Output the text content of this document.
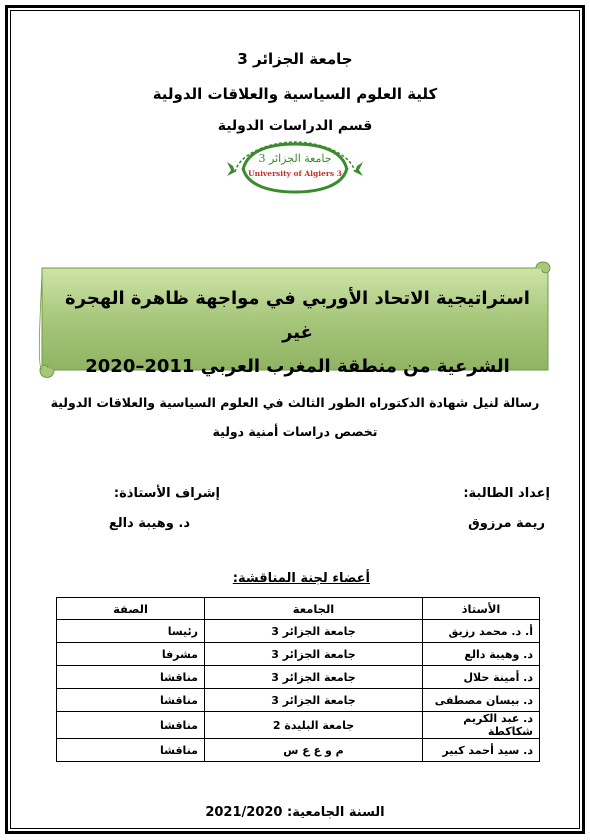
جامعة الجزائر 3
كلية العلوم السياسية والعلاقات الدولية
قسم الدراسات الدولية
جامعة الجزائر 3
University of Algiers 3
استراتيجية الاتحاد الأوربي في مواجهة ظاهرة الهجرة غير
الشرعية من منطقة المغرب العربي 2011–2020
رسالة لنيل شهادة الدكتوراه الطور الثالث في العلوم السياسية والعلاقات الدولية
تخصص دراسات أمنية دولية
إعداد الطالبة:
ريمة مرزوق
إشراف الأستاذة:
د. وهيبة دالع
أعضاء لجنة المناقشة:
الأستاذ	الجامعة	الصفة
أ. د. محمد رزيق	جامعة الجزائر 3	رئيسا
د. وهيبة دالع	جامعة الجزائر 3	مشرفا
د. أمينة حلال	جامعة الجزائر 3	مناقشا
د. بيسان مصطفى	جامعة الجزائر 3	مناقشا
د. عبد الكريم شكاكطة	جامعة البليدة 2	مناقشا
د. سيد أحمد كبير	م و ع ع س	مناقشا
السنة الجامعية: 2021/2020
